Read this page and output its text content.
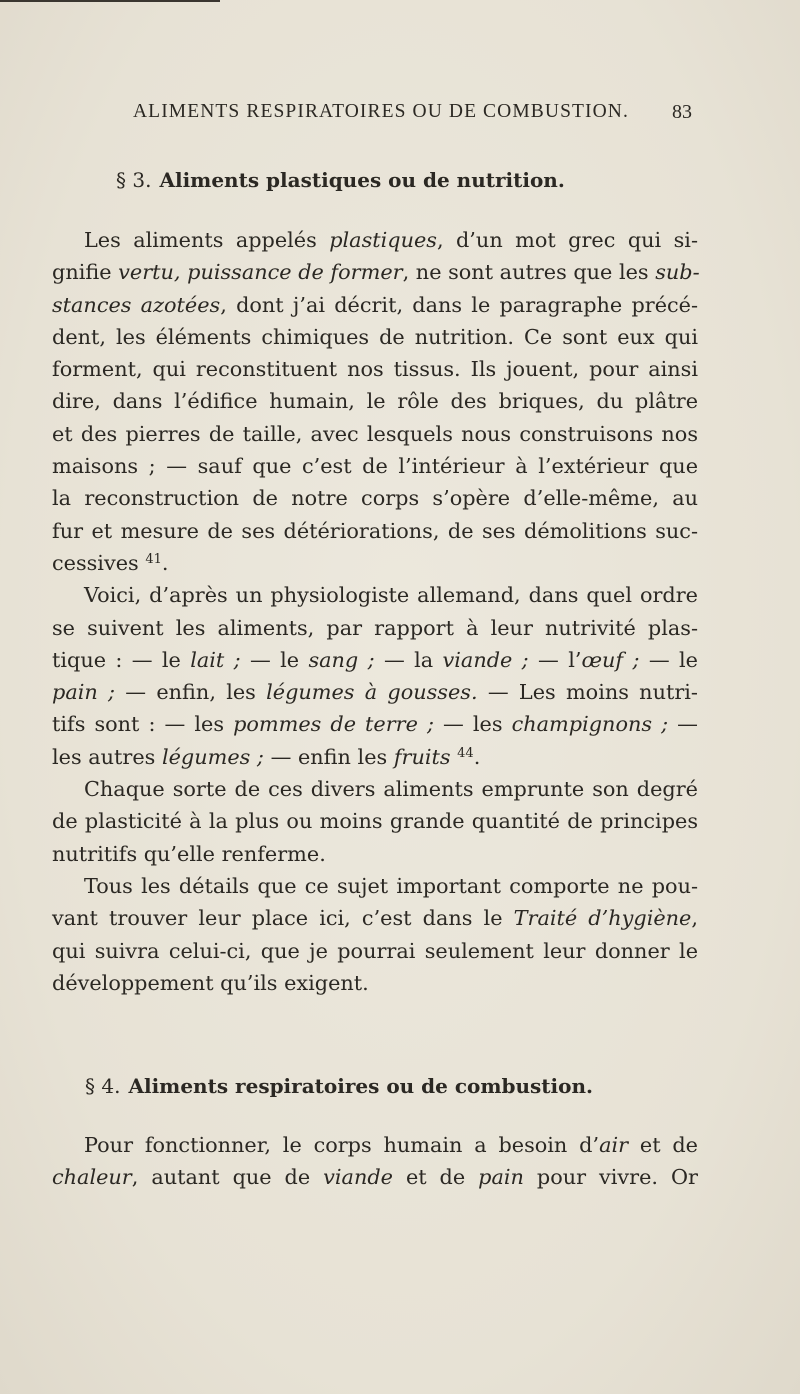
ALIMENTS RESPIRATOIRES OU DE COMBUSTION. 83
§ 3. Aliments plastiques ou de nutrition.
Les aliments appelés plastiques, d’un mot grec qui si-
gnifie vertu, puissance de former, ne sont autres que les sub-
stances azotées, dont j’ai décrit, dans le paragraphe précé-
dent, les éléments chimiques de nutrition. Ce sont eux qui
forment, qui reconstituent nos tissus. Ils jouent, pour ainsi
dire, dans l’édifice humain, le rôle des briques, du plâtre
et des pierres de taille, avec lesquels nous construisons nos
maisons ; — sauf que c’est de l’intérieur à l’extérieur que
la reconstruction de notre corps s’opère d’elle-même, au
fur et mesure de ses détériorations, de ses démolitions suc-
cessives $^{41}$.
Voici, d’après un physiologiste allemand, dans quel ordre
se suivent les aliments, par rapport à leur nutrivité plas-
tique : — le lait ; — le sang ; — la viande ; — l’œuf ; — le
pain ; — enfin, les légumes à gousses. — Les moins nutri-
tifs sont : — les pommes de terre ; — les champignons ; —
les autres légumes ; — enfin les fruits $^{44}$.
Chaque sorte de ces divers aliments emprunte son degré
de plasticité à la plus ou moins grande quantité de principes
nutritifs qu’elle renferme.
Tous les détails que ce sujet important comporte ne pou-
vant trouver leur place ici, c’est dans le Traité d’hygiène,
qui suivra celui-ci, que je pourrai seulement leur donner le
développement qu’ils exigent.
§ 4. Aliments respiratoires ou de combustion.
Pour fonctionner, le corps humain a besoin d’air et de
chaleur, autant que de viande et de pain pour vivre. Or
